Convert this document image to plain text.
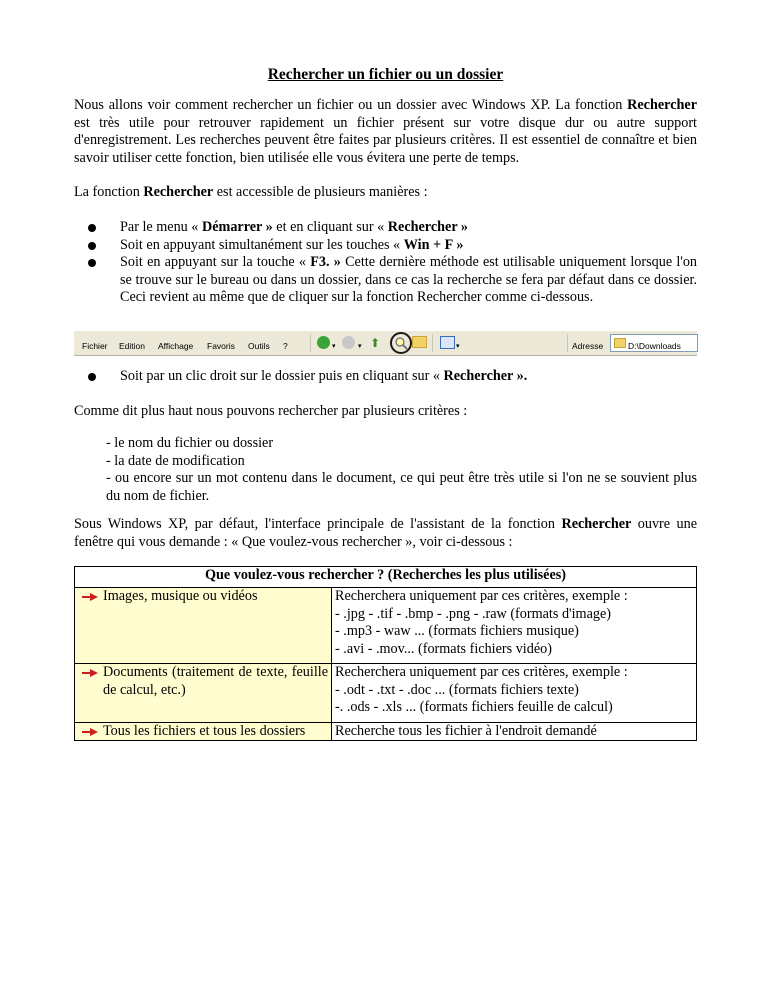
Rechercher un fichier ou un dossier
Nous allons voir comment rechercher un fichier ou un dossier avec Windows XP. La fonction Rechercher est très utile pour retrouver rapidement un fichier présent sur votre disque dur ou autre support d'enregistrement. Les recherches peuvent être faites par plusieurs critères. Il est essentiel de connaître et bien savoir utiliser cette fonction, bien utilisée elle vous évitera une perte de temps.
La fonction Rechercher est accessible de plusieurs manières :
Par le menu « Démarrer » et en cliquant sur « Rechercher »
Soit en appuyant simultanément sur les touches « Win + F »
Soit en appuyant sur la touche « F3. » Cette dernière méthode est utilisable uniquement lorsque l'on se trouve sur le bureau ou dans un dossier, dans ce cas la recherche se fera par défaut dans ce dossier. Ceci revient au même que de cliquer sur la fonction Rechercher comme ci-dessous.
Fichier Edition Affichage Favoris Outils ?	▾	▾ ⬆	▾	Adresse	D:\Downloads
Soit par un clic droit sur le dossier puis en cliquant sur « Rechercher ».
Comme dit plus haut nous pouvons rechercher par plusieurs critères :
- le nom du fichier ou dossier
- la date de modification
- ou encore sur un mot contenu dans le document, ce qui peut être très utile si l'on ne se souvient plus du nom de fichier.
Sous Windows XP, par défaut, l'interface principale de l'assistant de la fonction Rechercher ouvre une fenêtre qui vous demande : « Que voulez-vous rechercher », voir ci-dessous :
Que voulez-vous rechercher ? (Recherches les plus utilisées)	

Images, musique ou vidéos	Recherchera uniquement par ces critères, exemple :
- .jpg - .tif - .bmp - .png - .raw (formats d'image)
- .mp3 - waw ... (formats fichiers musique)
- .avi - .mov... (formats fichiers vidéo)

Documents (traitement de texte, feuille de calcul, etc.)	Recherchera uniquement par ces critères, exemple :
- .odt - .txt - .doc ... (formats fichiers texte)
-. .ods - .xls ... (formats fichiers feuille de calcul)

Tous les fichiers et tous les dossiers	Recherche tous les fichier à l'endroit demandé
